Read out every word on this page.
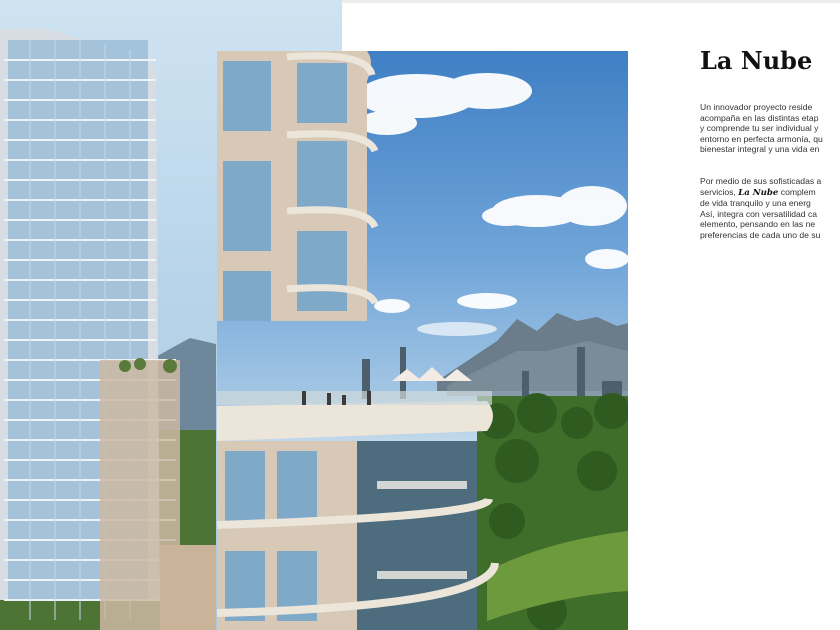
La Nube
Un innovador proyecto reside
acompaña en las distintas etap
y comprende tu ser individual y
entorno en perfecta armonía, qu
bienestar integral y una vida en
Por medio de sus sofisticadas a
servicios, La Nube complem
de vida tranquilo y una energ
Así, integra con versatilidad ca
elemento, pensando en las ne
preferencias de cada uno de su
